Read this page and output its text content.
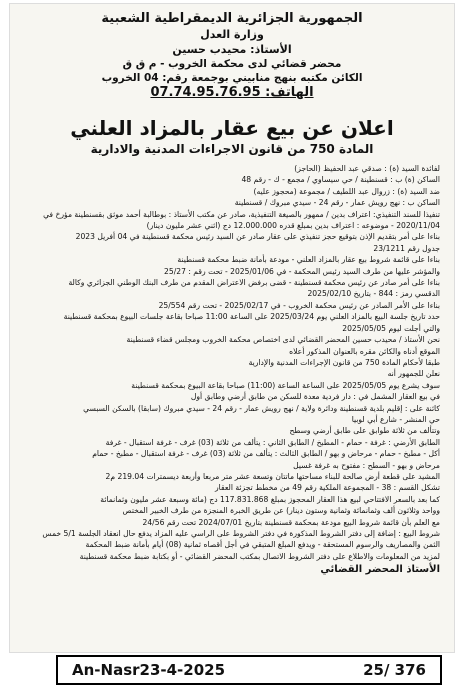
الجمهورية الجزائرية الديمقراطية الشعبية
وزارة العدل
الأستاذ: محيدب حسين
محضر قضائي لدى محكمة الخروب - م ق ق
الكائن مكتبه بنهج منابيني بوجمعة رقم: 04 الخروب
الهاتف: 07.74.95.76.95
اعلان عن بيع عقار بالمزاد العلني
المادة 750 من قانون الاجراءات المدنية والادارية

لفائدة السيد (ة) : صدقي عبد الحفيظ (الحاجز)

الساكن (ة) ب : قسنطينة / حي سيساوي / مجمع - ك - رقم 48

ضد السيد (ة) : زروال عبد اللطيف / مجموعة (محجوز عليه)

الساكن ب : نهج رويش عمار - رقم 24 - سيدي مبروك / قسنطينة

تنفيذا للسند التنفيذي: اعتراف بدين / ممهور بالصيغة التنفيذية، صادر عن مكتب الأستاذ : بوطالبة أحمد موثق بقسنطينة مؤرخ في

2020/11/04 - موضوعه : اعتراف بدين بمبلغ قدره 12.000.000 دج (اثني عشر مليون دينار)

بناءا على أمر بتقديم الإذن بتوقيع حجز تنفيذي على عقار صادر عن السيد رئيس محكمة قسنطينة في 04 أفريل 2023

جدول رقم 23/1211

بناءا على قائمة شروط بيع عقار بالمزاد العلني - مودعة بأمانة ضبط محكمة قسنطينة

والمؤشر عليها من طرف السيد رئيس المحكمة - في 2025/01/06 - تحت رقم : 25/27

بناءا على أمر صادر عن رئيس محكمة قسنطينة - قضى برفض الاعتراض المقدم من طرف البنك الوطني الجزائري وكالة

الدقسي رمز : 844 - بتاريخ 2025/02/10

بناءا على الأمر الصادر عن رئيس محكمة الخروب - في 2025/02/17 - تحت رقم 25/554

حدد تاريخ جلسة البيع بالمزاد العلني يوم 2025/03/24 على الساعة 11:00 صباحا بقاعة جلسات البيوع بمحكمة قسنطينة

والتي أجلت ليوم 2025/05/05

نحن الأستاذ / محيدب حسين المحضر القضائي لدى اختصاص محكمة الخروب ومجلس قضاء قسنطينة

الموقع أدناه والكائن مقره بالعنوان المذكور أعلاه

طبقا لأحكام المادة 750 من قانون الإجراءات المدنية والإدارية

نعلن للجمهور أنه

سوف يشرع يوم 2025/05/05 على الساعة الساعة (11:00) صباحا بقاعة البيوع بمحكمة قسنطينة

في بيع العقار المشمل في : دار فردية معدة للسكن من طابق أرضي وطابق أول

كائنة على : إقليم بلدية قسنطينة ودائرة ولاية / نهج رويش عمار - رقم 24 - سيدي مبروك (سابقا) بالسكن السبسي

حي المنشر - شارع أبي لوبيا

وتتألف من ثلاثة طوابق على طابق أرضي وسطح

الطابق الأرضي : غرفة - حمام - المطبخ / الطابق الثاني : يتألف من ثلاثة (03) غرف - غرفة استقبال - غرفة

أكل - مطبخ - حمام - مرحاض و بهو / الطابق الثالث : يتألف من ثلاثة (03) غرف - غرفة استقبال - مطبخ - حمام

مرحاض و بهو - السطح : مفتوح به غرفة غسيل

المشيد على قطعة أرض صالحة للبناء مساحتها ماتتان وتسعة عشر متر مربعا وأربعة ديسمترات 219.04 م2

تشكل القسم : 38 - المجموعة الملكية رقم 49 من مخطط تجزئة العقار

كما بعد بالسعر الافتتاحي لبيع هذا العقار المحجوز بمبلغ 117.831.868 دج (مائة وسبعة عشر مليون وثمانمائة

وواحد وثلاثون ألف وثمانمائة وثمانية وستون دينار) عن طريق الخبرة المنجزة من طرف الخبير المختص

مع العلم بأن قائمة شروط البيع مودعة بمحكمة قسنطينة بتاريخ 2024/07/01 تحت رقم 24/56

شروط البيع : إضافة إلى دفتر الشروط المذكورة في دفتر الشروط على الراسي عليه المزاد يدفع حال انعقاد الجلسة 5/1 خمس

الثمن والمصاريف والرسوم المستحقة - ويدفع المبلغ المتبقي في أجل أقصاه ثمانية (08) أيام بأمانة ضبط المحكمة

لمزيد من المعلومات والاطلاع على دفتر الشروط الاتصال بمكتب المحضر القضائي - أو بكتابة ضبط محكمة قسنطينة

الأستاذ المحضر القضائي
An-Nasr23-4-2025	25/ 376
